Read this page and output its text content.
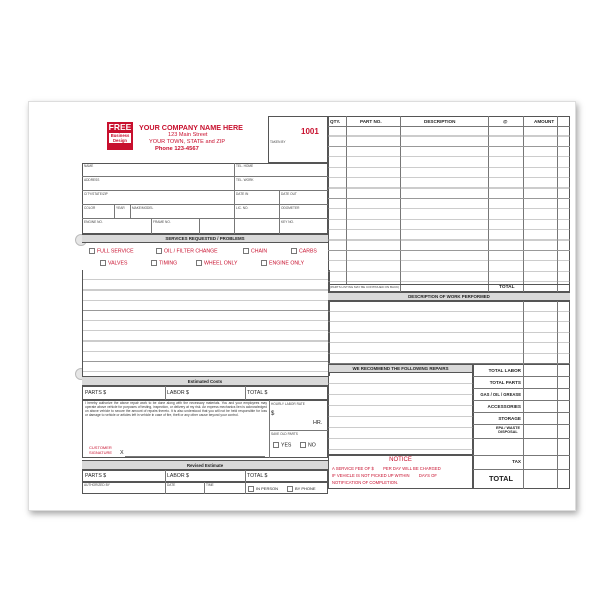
FREE
Business
Design
YOUR COMPANY NAME HERE
123 Main Street
YOUR TOWN, STATE and ZIP
Phone 123-4567
1001
TAKEN BY
NAME	TEL. HOME
ADDRESS	TEL. WORK
CITY/STATE/ZIP	DATE IN	DATE OUT
COLOR	YEAR MAKE/MODEL	LIC. NO.	ODOMETER
ENGINE NO.	FRAME NO.	KEY NO.
SERVICES REQUESTED / PROBLEMS
FULL SERVICE	OIL / FILTER CHANGE	CHAIN	CARBS
VALVES	TIMING	WHEEL ONLY	ENGINE ONLY
Estimated Costs
PARTS $	LABOR $	TOTAL $
I hereby authorize the above repair work to be done along with the necessary materials. You and your employees may operate above vehicle for purposes of testing, inspection, or delivery at my risk. An express mechanics lien is acknowledged on above vehicle to secure the amount of repairs thereto. It is also understood that you will not be held responsible for loss or damage to vehicle or articles left in vehicle in case of fire, theft or any other cause beyond your control.
HOURLY LABOR RATE
$
HR.
SAVE OLD PARTS
YES	NO
CUSTOMER SIGNATURE	X
Revised Estimate
PARTS $	LABOR $	TOTAL $
AUTHORIZED BY	DATE	TIME
IN PERSON	BY PHONE
QTY.	PART NO.	DESCRIPTION	@	AMOUNT
(PARTS LISTING MAY BE CONTINUED ON BACK)	TOTAL
DESCRIPTION OF WORK PERFORMED
WE RECOMMEND THE FOLLOWING REPAIRS	TOTAL LABOR
TOTAL PARTS
GAS / OIL / GREASE
ACCESSORIES
STORAGE
EPA / WASTE DISPOSAL
TAX
TOTAL
NOTICE
A SERVICE FEE OF $        PER DAY WILL BE CHARGED
IF VEHICLE IS NOT PICKED UP WITHIN        DAYS OF
NOTIFICATION OF COMPLETION.
